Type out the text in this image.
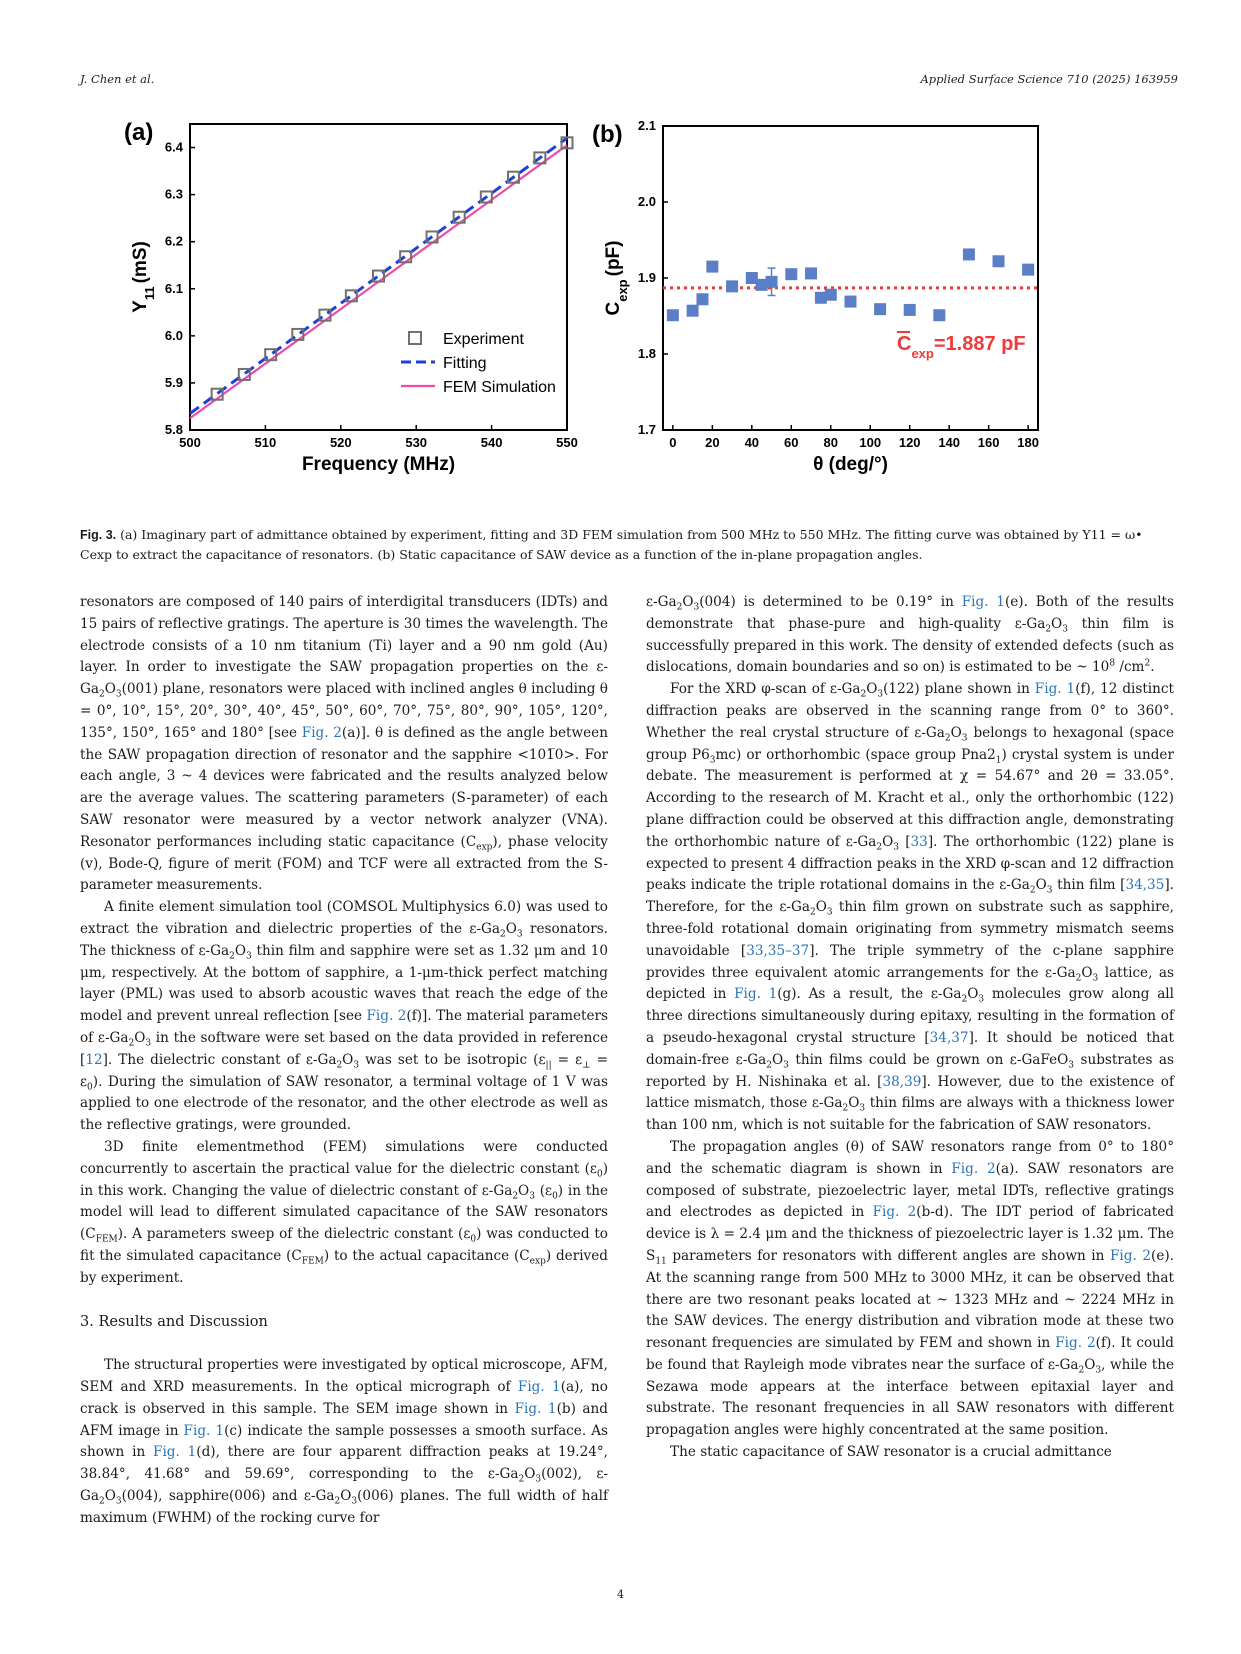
J. Chen et al.	Applied Surface Science 710 (2025) 163959
500	510	520	530	540	550
5.8
5.9
6.0
6.1
6.2
6.3
6.4
Frequency (MHz)
$Y_{11}(mS)$
(a)
Experiment
Fitting
FEM Simulation
0 20 40 60 80 100 120 140 160 180
1.7
1.8
1.9
2.0
2.1
θ (deg/°)
$C_{exp}(pF)$
(b)
$C_{exp}=1.887$ pF
Fig. 3. (a) Imaginary part of admittance obtained by experiment, fitting and 3D FEM simulation from 500 MHz to 550 MHz. The fitting curve was obtained by Y11 = ω• Cexp to extract the capacitance of resonators. (b) Static capacitance of SAW device as a function of the in-plane propagation angles.

resonators are composed of 140 pairs of interdigital transducers (IDTs) and 15 pairs of reflective gratings. The aperture is 30 times the wavelength. The electrode consists of a 10 nm titanium (Ti) layer and a 90 nm gold (Au) layer. In order to investigate the SAW propagation properties on the $\varepsilon-Ga_2O_3(001)$ plane, resonators were placed with inclined angles θ including θ = 0°, 10°, 15°, 20°, 30°, 40°, 45°, 50°, 60°, 70°, 75°, 80°, 90°, 105°, 120°, 135°, 150°, 165° and 180° [see Fig. 2(a)]. θ is defined as the angle between the SAW propagation direction of resonator and the sapphire <101̅0>. For each angle, 3 ~ 4 devices were fabricated and the results analyzed below are the average values. The scattering parameters (S-parameter) of each SAW resonator were measured by a vector network analyzer (VNA). Resonator performances including static capacitance $(C_{exp})$, phase velocity (v), Bode-Q, figure of merit (FOM) and TCF were all extracted from the S-parameter measurements.

A finite element simulation tool (COMSOL Multiphysics 6.0) was used to extract the vibration and dielectric properties of the $\varepsilon-Ga_2O_3$ resonators. The thickness of $\varepsilon-Ga_2O_3$ thin film and sapphire were set as 1.32 μm and 10 μm, respectively. At the bottom of sapphire, a 1-μm-thick perfect matching layer (PML) was used to absorb acoustic waves that reach the edge of the model and prevent unreal reflection [see Fig. 2(f)]. The material parameters of $\varepsilon-Ga_2O_3$ in the software were set based on the data provided in reference [12]. The dielectric constant of $\varepsilon-Ga_2O_3$ was set to be isotropic $(\varepsilon_{||} = \varepsilon_\perp = \varepsilon_0)$. During the simulation of SAW resonator, a terminal voltage of 1 V was applied to one electrode of the resonator, and the other electrode as well as the reflective gratings, were grounded.

3D finite elementmethod (FEM) simulations were conducted concurrently to ascertain the practical value for the dielectric constant $(\varepsilon_0)$ in this work. Changing the value of dielectric constant of $\varepsilon-Ga_2O_3$ $(\varepsilon_0)$ in the model will lead to different simulated capacitance of the SAW resonators $(C_{FEM})$. A parameters sweep of the dielectric constant $(\varepsilon_0)$ was conducted to fit the simulated capacitance $(C_{FEM})$ to the actual capacitance $(C_{exp})$ derived by experiment.

3. Results and Discussion

The structural properties were investigated by optical microscope, AFM, SEM and XRD measurements. In the optical micrograph of Fig. 1(a), no crack is observed in this sample. The SEM image shown in Fig. 1(b) and AFM image in Fig. 1(c) indicate the sample possesses a smooth surface. As shown in Fig. 1(d), there are four apparent diffraction peaks at 19.24°, 38.84°, 41.68° and 59.69°, corresponding to the $\varepsilon-Ga_2O_3(002)$, $\varepsilon-Ga_2O_3(004)$, sapphire(006) and $\varepsilon-Ga_2O_3(006)$ planes. The full width of half maximum (FWHM) of the rocking curve for

$\varepsilon-Ga_2O_3(004)$ is determined to be 0.19° in Fig. 1(e). Both of the results demonstrate that phase-pure and high-quality $\varepsilon-Ga_2O_3$ thin film is successfully prepared in this work. The density of extended defects (such as dislocations, domain boundaries and so on) is estimated to be ~ $10^8$ $/cm^2$.

For the XRD φ-scan of $\varepsilon-Ga_2O_3(122)$ plane shown in Fig. 1(f), 12 distinct diffraction peaks are observed in the scanning range from 0° to 360°. Whether the real crystal structure of $\varepsilon-Ga_2O_3$ belongs to hexagonal (space group $P6_3mc$) or orthorhombic (space group $Pna2_1$) crystal system is under debate. The measurement is performed at χ = 54.67° and 2θ = 33.05°. According to the research of M. Kracht et al., only the orthorhombic (122) plane diffraction could be observed at this diffraction angle, demonstrating the orthorhombic nature of $\varepsilon-Ga_2O_3$ [33]. The orthorhombic (122) plane is expected to present 4 diffraction peaks in the XRD φ-scan and 12 diffraction peaks indicate the triple rotational domains in the $\varepsilon-Ga_2O_3$ thin film [34,35]. Therefore, for the $\varepsilon-Ga_2O_3$ thin film grown on substrate such as sapphire, three-fold rotational domain originating from symmetry mismatch seems unavoidable [33,35–37]. The triple symmetry of the c-plane sapphire provides three equivalent atomic arrangements for the $\varepsilon-Ga_2O_3$ lattice, as depicted in Fig. 1(g). As a result, the $\varepsilon-Ga_2O_3$ molecules grow along all three directions simultaneously during epitaxy, resulting in the formation of a pseudo-hexagonal crystal structure [34,37]. It should be noticed that domain-free $\varepsilon-Ga_2O_3$ thin films could be grown on ε-GaFeO$_3$ substrates as reported by H. Nishinaka et al. [38,39]. However, due to the existence of lattice mismatch, those $\varepsilon-Ga_2O_3$ thin films are always with a thickness lower than 100 nm, which is not suitable for the fabrication of SAW resonators.

The propagation angles (θ) of SAW resonators range from 0° to 180° and the schematic diagram is shown in Fig. 2(a). SAW resonators are composed of substrate, piezoelectric layer, metal IDTs, reflective gratings and electrodes as depicted in Fig. 2(b-d). The IDT period of fabricated device is λ = 2.4 μm and the thickness of piezoelectric layer is 1.32 μm. The $S_{11}$ parameters for resonators with different angles are shown in Fig. 2(e). At the scanning range from 500 MHz to 3000 MHz, it can be observed that there are two resonant peaks located at ~ 1323 MHz and ~ 2224 MHz in the SAW devices. The energy distribution and vibration mode at these two resonant frequencies are simulated by FEM and shown in Fig. 2(f). It could be found that Rayleigh mode vibrates near the surface of $\varepsilon-Ga_2O_3$, while the Sezawa mode appears at the interface between epitaxial layer and substrate. The resonant frequencies in all SAW resonators with different propagation angles were highly concentrated at the same position.

The static capacitance of SAW resonator is a crucial admittance

4
